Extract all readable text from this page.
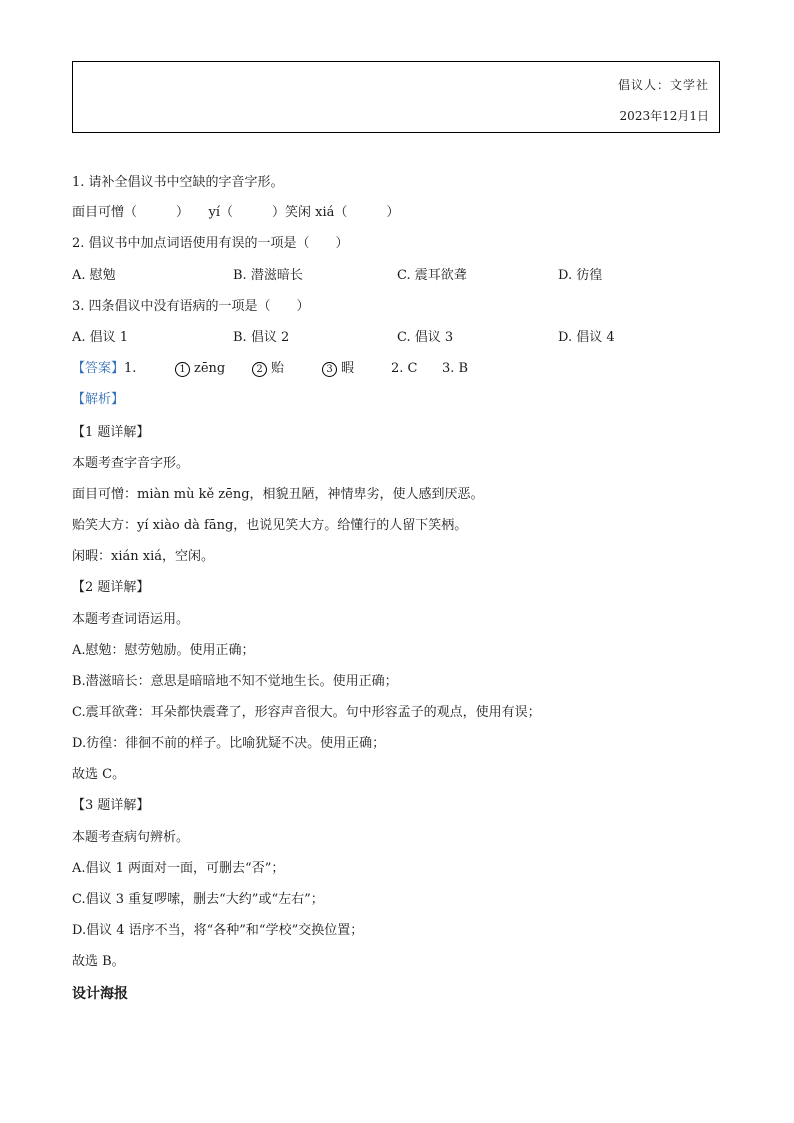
倡议人：文学社
2023年12月1日
1. 请补全倡议书中空缺的字音字形。
面目可憎（　　　）　　yí（　　　）笑闲 xiá（　　　）
2. 倡议书中加点词语使用有误的一项是（　　）
A. 慰勉	B. 潜滋暗长	C. 震耳欲聋	D. 彷徨
3. 四条倡议中没有语病的一项是（　　）
A. 倡议 1	B. 倡议 2	C. 倡议 3	D. 倡议 4
【答案】1.	1 zēng	2 贻	3 暇	2. C 3. B
【解析】
【1 题详解】
本题考查字音字形。
面目可憎：miàn mù kě zēng，相貌丑陋，神情卑劣，使人感到厌恶。
贻笑大方：yí xiào dà fāng，也说见笑大方。给懂行的人留下笑柄。
闲暇：xián xiá，空闲。
【2 题详解】
本题考查词语运用。
A.慰勉：慰劳勉励。使用正确；
B.潜滋暗长：意思是暗暗地不知不觉地生长。使用正确；
C.震耳欲聋：耳朵都快震聋了，形容声音很大。句中形容孟子的观点，使用有误；
D.彷徨：徘徊不前的样子。比喻犹疑不决。使用正确；
故选 C。
【3 题详解】
本题考查病句辨析。
A.倡议 1 两面对一面，可删去“否”；
C.倡议 3 重复啰嗦，删去“大约”或“左右”；
D.倡议 4 语序不当，将“各种”和“学校”交换位置；
故选 B。
设计海报
